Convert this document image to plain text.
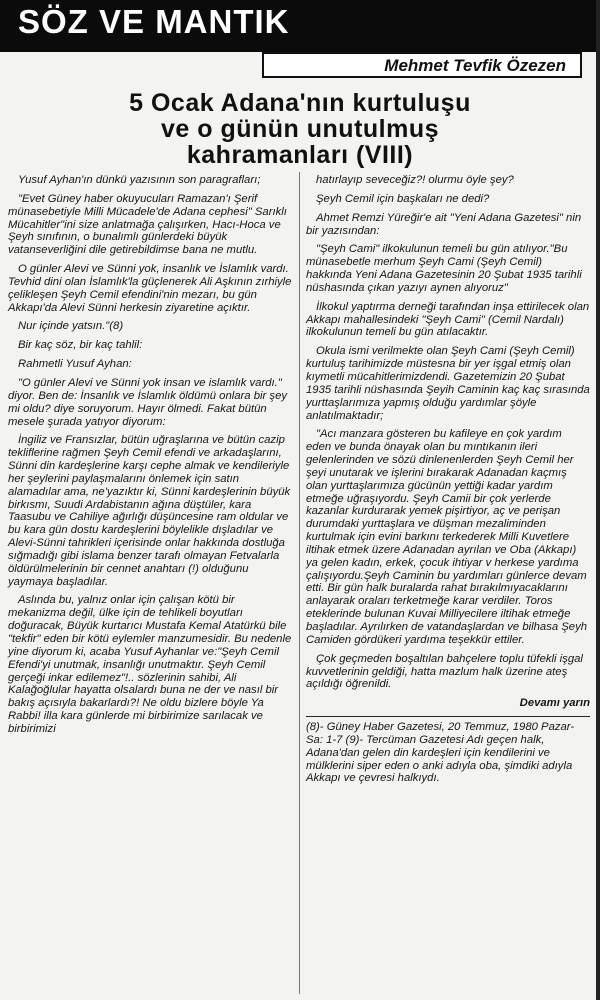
SÖZ VE MANTIK
Mehmet Tevfik Özezen
5 Ocak Adana'nın kurtuluşu
ve o günün unutulmuş
kahramanları (VIII)

Yusuf Ayhan'ın dünkü yazısının son paragrafları;

"Evet Güney haber okuyucuları Ramazan'ı Şerif münasebetiyle Milli Mücadele'de Adana cephesi" Sarıklı Mücahitler"ini size anlatmağa çalışırken, Hacı-Hoca ve Şeyh sınıfının, o bunalımlı günlerdeki büyük vatanseverliğini dile getirebildimse bana ne mutlu.

O günler Alevi ve Sünni yok, insanlık ve İslamlık vardı. Tevhid dini olan İslamlık'la güçlenerek Ali Aşkının zırhiyle çelikleşen Şeyh Cemil efendini'nin mezarı, bu gün Akkapı'da Alevi Sünni herkesin ziyaretine açıktır.

Nur içinde yatsın."(8)

Bir kaç söz, bir kaç tahlil:

Rahmetli Yusuf Ayhan:

"O günler Alevi ve Sünni yok insan ve islamlık vardı." diyor. Ben de: İnsanlık ve İslamlık öldümü onlara bir şey mi oldu? diye soruyorum. Hayır ölmedi. Fakat bütün mesele şurada yatıyor diyorum:

İngiliz ve Fransızlar, bütün uğraşlarına ve bütün cazip tekliflerine rağmen Şeyh Cemil efendi ve arkadaşlarını, Sünni din kardeşlerine karşı cephe almak ve kendileriyle her şeylerini paylaşmalarını önlemek için satın alamadılar ama, ne'yazıktır ki, Sünni kardeşlerinin büyük birkısmı, Suudi Ardabistanın ağına düştüler, kara Taasubu ve Cahiliye ağırlığı düşüncesine ram oldular ve bu kara gün dostu kardeşlerini böylelikle dışladılar ve Alevi-Sünni tahrikleri içerisinde onlar hakkında dostluğa sığmadığı gibi islama benzer tarafı olmayan Fetvalarla öldürülmelerinin bir cennet anahtarı (!) olduğunu yaymaya başladılar.

Aslında bu, yalnız onlar için çalışan kötü bir mekanizma değil, ülke için de tehlikeli boyutları doğuracak, Büyük kurtarıcı Mustafa Kemal Atatürkü bile "tekfir" eden bir kötü eylemler manzumesidir. Bu nedenle yine diyorum ki, acaba Yusuf Ayhanlar ve:"Şeyh Cemil Efendi'yi unutmak, insanlığı unutmaktır. Şeyh Cemil gerçeği inkar edilemez"!.. sözlerinin sahibi, Ali Kalağoğlular hayatta olsalardı buna ne der ve nasıl bir bakış açısıyla bakarlardı?! Ne oldu bizlere böyle Ya Rabbi! illa kara günlerde mi birbirimize sarılacak ve birbirimizi

hatırlayıp seveceğiz?! olurmu öyle şey?

Şeyh Cemil için başkaları ne dedi?

Ahmet Remzi Yüreğir'e ait "Yeni Adana Gazetesi" nin bir yazısından:

"Şeyh Cami" ilkokulunun temeli bu gün atılıyor."Bu münasebetle merhum Şeyh Cami (Şeyh Cemil) hakkında Yeni Adana Gazetesinin 20 Şubat 1935 tarihli nüshasında çıkan yazıyı aynen alıyoruz"

İlkokul yaptırma derneği tarafından inşa ettirilecek olan Akkapı mahallesindeki "Şeyh Cami" (Cemil Nardalı) ilkokulunun temeli bu gün atılacaktır.

Okula ismi verilmekte olan Şeyh Cami (Şeyh Cemil) kurtuluş tarihimizde müstesna bir yer işgal etmiş olan kıymetli mücahitlerimizdendi. Gazetemizin 20 Şubat 1935 tarihli nüshasında Şeyih Caminin kaç kaç sırasında yurttaşlarımıza yapmış olduğu yardımlar şöyle anlatılmaktadır;

"Acı manzara gösteren bu kafileye en çok yardım eden ve bunda önayak olan bu mıntıkanın ileri gelenlerinden ve sözü dinlenenlerden Şeyh Cemil her şeyi unutarak ve işlerini bırakarak Adanadan kaçmış olan yurttaşlarımıza gücünün yettiği kadar yardım etmeğe uğraşıyordu. Şeyh Camii bir çok yerlerde kazanlar kurdurarak yemek pişirtiyor, aç ve perişan durumdaki yurttaşlara ve düşman mezaliminden kurtulmak için evini barkını terkederek Milli Kuvetlere iltihak etmek üzere Adanadan ayrılan ve Oba (Akkapı) ya gelen kadın, erkek, çocuk ihtiyar v herkese yardıma çalışıyordu.Şeyh Caminin bu yardımları günlerce devam etti. Bir gün halk buralarda rahat bırakılmıyacaklarını anlayarak oraları terketmeğe karar verdiler. Toros eteklerinde bulunan Kuvai Milliyecilere iltihak etmeğe başladılar. Ayrılırken de vatandaşlardan ve bilhasa Şeyh Camiden gördükeri yardıma teşekkür ettiler.

Çok geçmeden boşaltılan bahçelere toplu tüfekli işgal kuvvetlerinin geldiği, hatta mazlum halk üzerine ateş açıldığı öğrenildi.

Devamı yarın
(8)- Güney Haber Gazetesi, 20 Temmuz, 1980 Pazar- Sa: 1-7 (9)- Tercüman Gazetesi Adı geçen halk, Adana'dan gelen din kardeşleri için kendilerini ve mülklerini siper eden o anki adıyla oba, şimdiki adıyla Akkapı ve çevresi halkıydı.
